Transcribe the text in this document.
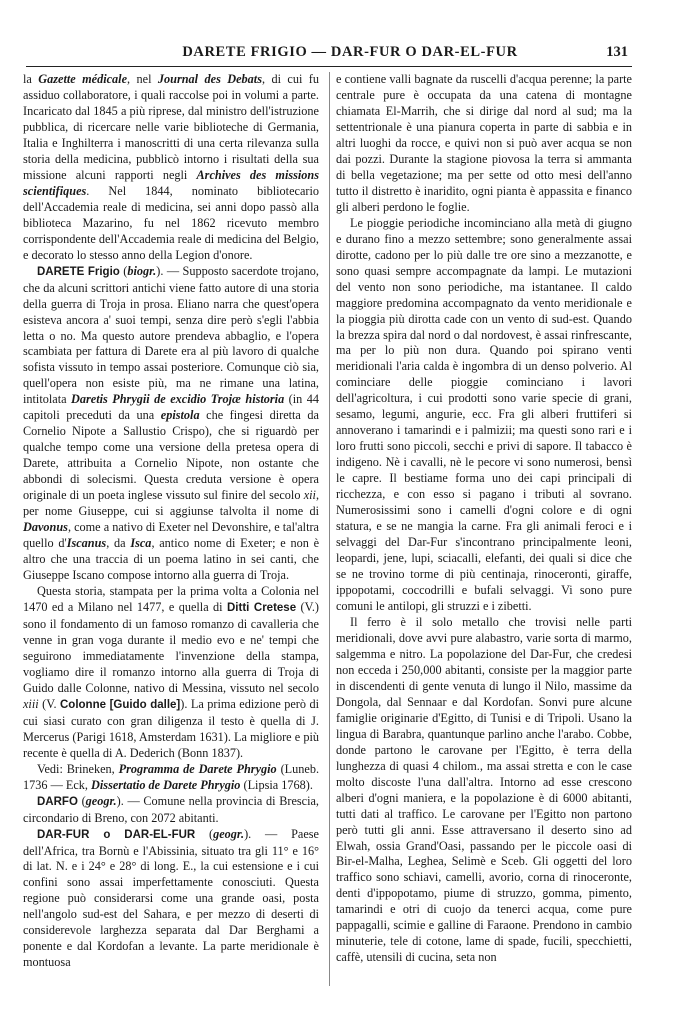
DARETE FRIGIO — DAR-FUR O DAR-EL-FUR	131

la Gazette médicale, nel Journal des Debats, di cui fu assiduo collaboratore, i quali raccolse poi in volumi a parte. Incaricato dal 1845 a più riprese, dal ministro dell'istruzione pubblica, di ricercare nelle varie biblioteche di Germania, Italia e Inghilterra i manoscritti di una certa rilevanza sulla storia della medicina, pubblicò intorno i risultati della sua missione alcuni rapporti negli Archives des missions scientifiques. Nel 1844, nominato bibliotecario dell'Accademia reale di medicina, sei anni dopo passò alla biblioteca Mazarino, fu nel 1862 ricevuto membro corrispondente dell'Accademia reale di medicina del Belgio, e decorato lo stesso anno della Legion d'onore.

DARETE Frigio (biogr.). — Supposto sacerdote trojano, che da alcuni scrittori antichi viene fatto autore di una storia della guerra di Troja in prosa. Eliano narra che quest'opera esisteva ancora a' suoi tempi, senza dire però s'egli l'abbia letta o no. Ma questo autore prendeva abbaglio, e l'opera scambiata per fattura di Darete era al più lavoro di qualche sofista vissuto in tempo assai posteriore. Comunque ciò sia, quell'opera non esiste più, ma ne rimane una latina, intitolata Daretis Phrygii de excidio Trojæ historia (in 44 capitoli preceduti da una epistola che fingesi diretta da Cornelio Nipote a Sallustio Crispo), che si riguardò per qualche tempo come una versione della pretesa opera di Darete, attribuita a Cornelio Nipote, non ostante che abbondi di solecismi. Questa creduta versione è opera originale di un poeta inglese vissuto sul finire del secolo xii, per nome Giuseppe, cui si aggiunse talvolta il nome di Davonus, come a nativo di Exeter nel Devonshire, e tal'altra quello d'Iscanus, da Isca, antico nome di Exeter; e non è altro che una traccia di un poema latino in sei canti, che Giuseppe Iscano compose intorno alla guerra di Troja.

Questa storia, stampata per la prima volta a Colonia nel 1470 ed a Milano nel 1477, e quella di Ditti Cretese (V.) sono il fondamento di un famoso romanzo di cavalleria che venne in gran voga durante il medio evo e ne' tempi che seguirono immediatamente l'invenzione della stampa, vogliamo dire il romanzo intorno alla guerra di Troja di Guido dalle Colonne, nativo di Messina, vissuto nel secolo xiii (V. Colonne [Guido dalle]). La prima edizione però di cui siasi curato con gran diligenza il testo è quella di J. Mercerus (Parigi 1618, Amsterdam 1631). La migliore e più recente è quella di A. Dederich (Bonn 1837).

Vedi: Brineken, Programma de Darete Phrygio (Luneb. 1736 — Eck, Dissertatio de Darete Phrygio (Lipsia 1768).

DARFO (geogr.). — Comune nella provincia di Brescia, circondario di Breno, con 2072 abitanti.

DAR-FUR o DAR-EL-FUR (geogr.). — Paese dell'Africa, tra Bornù e l'Abissinia, situato tra gli 11° e 16° di lat. N. e i 24° e 28° di long. E., la cui estensione e i cui confini sono assai imperfettamente conosciuti. Questa regione può considerarsi come una grande oasi, posta nell'angolo sud-est del Sahara, e per mezzo di deserti di considerevole larghezza separata dal Dar Berghami a ponente e dal Kordofan a levante. La parte meridionale è montuosa

e contiene valli bagnate da ruscelli d'acqua perenne; la parte centrale pure è occupata da una catena di montagne chiamata El-Marrih, che si dirige dal nord al sud; ma la settentrionale è una pianura coperta in parte di sabbia e in altri luoghi da rocce, e quivi non si può aver acqua se non dai pozzi. Durante la stagione piovosa la terra si ammanta di bella vegetazione; ma per sette od otto mesi dell'anno tutto il distretto è inaridito, ogni pianta è appassita e financo gli alberi perdono le foglie.

Le pioggie periodiche incominciano alla metà di giugno e durano fino a mezzo settembre; sono generalmente assai dirotte, cadono per lo più dalle tre ore sino a mezzanotte, e sono quasi sempre accompagnate da lampi. Le mutazioni del vento non sono periodiche, ma istantanee. Il caldo maggiore predomina accompagnato da vento meridionale e la pioggia più dirotta cade con un vento di sud-est. Quando la brezza spira dal nord o dal nordovest, è assai rinfrescante, ma per lo più non dura. Quando poi spirano venti meridionali l'aria calda è ingombra di un denso polverio. Al cominciare delle pioggie cominciano i lavori dell'agricoltura, i cui prodotti sono varie specie di grani, sesamo, legumi, angurie, ecc. Fra gli alberi fruttiferi si annoverano i tamarindi e i palmizii; ma questi sono rari e i loro frutti sono piccoli, secchi e privi di sapore. Il tabacco è indigeno. Nè i cavalli, nè le pecore vi sono numerosi, bensì le capre. Il bestiame forma uno dei capi principali di ricchezza, e con esso si pagano i tributi al sovrano. Numerosissimi sono i camelli d'ogni colore e di ogni statura, e se ne mangia la carne. Fra gli animali feroci e i selvaggi del Dar-Fur s'incontrano principalmente leoni, leopardi, jene, lupi, sciacalli, elefanti, dei quali si dice che se ne trovino torme di più centinaja, rinoceronti, giraffe, ippopotami, coccodrilli e bufali selvaggi. Vi sono pure comuni le antilopi, gli struzzi e i zibetti.

Il ferro è il solo metallo che trovisi nelle parti meridionali, dove avvi pure alabastro, varie sorta di marmo, salgemma e nitro. La popolazione del Dar-Fur, che credesi non ecceda i 250,000 abitanti, consiste per la maggior parte in discendenti di gente venuta di lungo il Nilo, massime da Dongola, dal Sennaar e dal Kordofan. Sonvi pure alcune famiglie originarie d'Egitto, di Tunisi e di Tripoli. Usano la lingua di Barabra, quantunque parlino anche l'arabo. Cobbe, donde partono le carovane per l'Egitto, è terra della lunghezza di quasi 4 chilom., ma assai stretta e con le case molto discoste l'una dall'altra. Intorno ad esse crescono alberi d'ogni maniera, e la popolazione è di 6000 abitanti, tutti dati al traffico. Le carovane per l'Egitto non partono però tutti gli anni. Esse attraversano il deserto sino ad Elwah, ossia Grand'Oasi, passando per le piccole oasi di Bir-el-Malha, Leghea, Selimè e Sceb. Gli oggetti del loro traffico sono schiavi, camelli, avorio, corna di rinoceronte, denti d'ippopotamo, piume di struzzo, gomma, pimento, tamarindi e otri di cuojo da tenerci acqua, come pure pappagalli, scimie e galline di Faraone. Prendono in cambio minuterie, tele di cotone, lame di spade, fucili, specchietti, caffè, utensili di cucina, seta non
